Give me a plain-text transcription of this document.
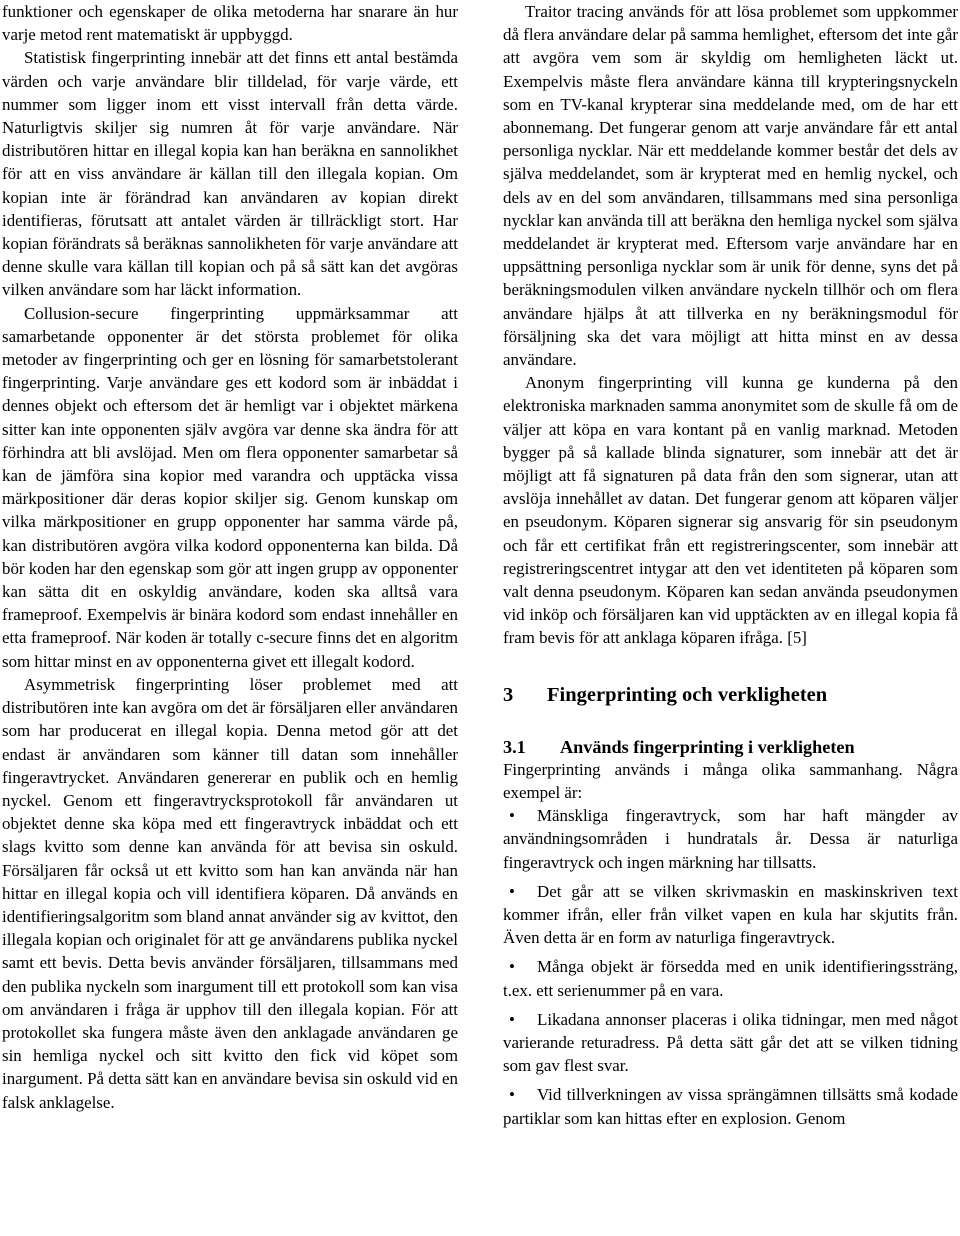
funktioner och egenskaper de olika metoderna har snarare än hur varje metod rent matematiskt är uppbyggd.

Statistisk fingerprinting innebär att det finns ett antal bestämda värden och varje användare blir tilldelad, för varje värde, ett nummer som ligger inom ett visst intervall från detta värde. Naturligtvis skiljer sig numren åt för varje användare. När distributören hittar en illegal kopia kan han beräkna en sannolikhet för att en viss användare är källan till den illegala kopian. Om kopian inte är förändrad kan användaren av kopian direkt identifieras, förutsatt att antalet värden är tillräckligt stort. Har kopian förändrats så beräknas sannolikheten för varje användare att denne skulle vara källan till kopian och på så sätt kan det avgöras vilken användare som har läckt information.

Collusion-secure fingerprinting uppmärksammar att samarbetande opponenter är det största problemet för olika metoder av fingerprinting och ger en lösning för samarbetstolerant fingerprinting. Varje användare ges ett kodord som är inbäddat i dennes objekt och eftersom det är hemligt var i objektet märkena sitter kan inte opponenten själv avgöra var denne ska ändra för att förhindra att bli avslöjad. Men om flera opponenter samarbetar så kan de jämföra sina kopior med varandra och upptäcka vissa märkpositioner där deras kopior skiljer sig. Genom kunskap om vilka märkpositioner en grupp opponenter har samma värde på, kan distributören avgöra vilka kodord opponenterna kan bilda. Då bör koden har den egenskap som gör att ingen grupp av opponenter kan sätta dit en oskyldig användare, koden ska alltså vara frameproof. Exempelvis är binära kodord som endast innehåller en etta frameproof. När koden är totally c-secure finns det en algoritm som hittar minst en av opponenterna givet ett illegalt kodord.

Asymmetrisk fingerprinting löser problemet med att distributören inte kan avgöra om det är försäljaren eller användaren som har producerat en illegal kopia. Denna metod gör att det endast är användaren som känner till datan som innehåller fingeravtrycket. Användaren genererar en publik och en hemlig nyckel. Genom ett fingeravtrycksprotokoll får användaren ut objektet denne ska köpa med ett fingeravtryck inbäddat och ett slags kvitto som denne kan använda för att bevisa sin oskuld. Försäljaren får också ut ett kvitto som han kan använda när han hittar en illegal kopia och vill identifiera köparen. Då används en identifieringsalgoritm som bland annat använder sig av kvittot, den illegala kopian och originalet för att ge användarens publika nyckel samt ett bevis. Detta bevis använder försäljaren, tillsammans med den publika nyckeln som inargument till ett protokoll som kan visa om användaren i fråga är upphov till den illegala kopian. För att protokollet ska fungera måste även den anklagade användaren ge sin hemliga nyckel och sitt kvitto den fick vid köpet som inargument. På detta sätt kan en användare bevisa sin oskuld vid en falsk anklagelse.

Traitor tracing används för att lösa problemet som uppkommer då flera användare delar på samma hemlighet, eftersom det inte går att avgöra vem som är skyldig om hemligheten läckt ut. Exempelvis måste flera användare känna till krypteringsnyckeln som en TV-kanal krypterar sina meddelande med, om de har ett abonnemang. Det fungerar genom att varje användare får ett antal personliga nycklar. När ett meddelande kommer består det dels av själva meddelandet, som är krypterat med en hemlig nyckel, och dels av en del som användaren, tillsammans med sina personliga nycklar kan använda till att beräkna den hemliga nyckel som själva meddelandet är krypterat med. Eftersom varje användare har en uppsättning personliga nycklar som är unik för denne, syns det på beräkningsmodulen vilken användare nyckeln tillhör och om flera användare hjälps åt att tillverka en ny beräkningsmodul för försäljning ska det vara möjligt att hitta minst en av dessa användare.

Anonym fingerprinting vill kunna ge kunderna på den elektroniska marknaden samma anonymitet som de skulle få om de väljer att köpa en vara kontant på en vanlig marknad. Metoden bygger på så kallade blinda signaturer, som innebär att det är möjligt att få signaturen på data från den som signerar, utan att avslöja innehållet av datan. Det fungerar genom att köparen väljer en pseudonym. Köparen signerar sig ansvarig för sin pseudonym och får ett certifikat från ett registreringscenter, som innebär att registreringscentret intygar att den vet identiteten på köparen som valt denna pseudonym. Köparen kan sedan använda pseudonymen vid inköp och försäljaren kan vid upptäckten av en illegal kopia få fram bevis för att anklaga köparen ifråga. [5]

3	Fingerprinting och verkligheten
3.1	Används fingerprinting i verkligheten

Fingerprinting används i många olika sammanhang. Några exempel är:

•	Mänskliga fingeravtryck, som har haft mängder av användningsområden i hundratals år. Dessa är naturliga fingeravtryck och ingen märkning har tillsatts.

•	Det går att se vilken skrivmaskin en maskinskriven text kommer ifrån, eller från vilket vapen en kula har skjutits från. Även detta är en form av naturliga fingeravtryck.

•	Många objekt är försedda med en unik identifieringssträng, t.ex. ett serienummer på en vara.

•	Likadana annonser placeras i olika tidningar, men med något varierande returadress. På detta sätt går det att se vilken tidning som gav flest svar.

•	Vid tillverkningen av vissa sprängämnen tillsätts små kodade partiklar som kan hittas efter en explosion. Genom
